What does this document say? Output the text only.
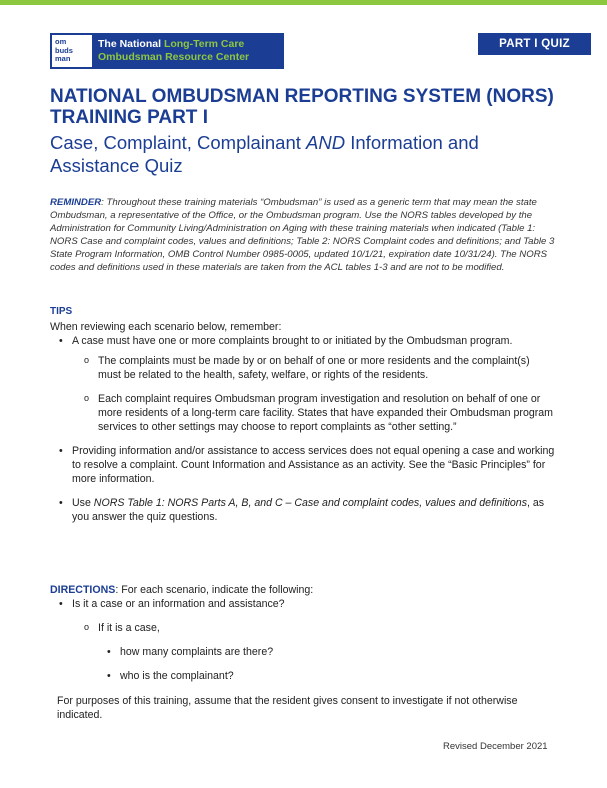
om
buds
man
The National Long-Term Care
Ombudsman Resource Center
PART I QUIZ
NATIONAL OMBUDSMAN REPORTING SYSTEM (NORS) TRAINING PART I
Case, Complaint, Complainant AND Information and Assistance Quiz

REMINDER: Throughout these training materials “Ombudsman” is used as a generic term that may mean the state Ombudsman, a representative of the Office, or the Ombudsman program. Use the NORS tables developed by the Administration for Community Living/Administration on Aging with these training materials when indicated (Table 1: NORS Case and complaint codes, values and definitions; Table 2: NORS Complaint codes and definitions; and Table 3 State Program Information, OMB Control Number 0985-0005, updated 10/1/21, expiration date 10/31/24). The NORS codes and definitions used in these materials are taken from the ACL tables 1-3 and are not to be modified.

TIPS

When reviewing each scenario below, remember:

• A case must have one or more complaints brought to or initiated by the Ombudsman program.
o The complaints must be made by or on behalf of one or more residents and the complaint(s) must be related to the health, safety, welfare, or rights of the residents.
o Each complaint requires Ombudsman program investigation and resolution on behalf of one or more residents of a long-term care facility. States that have expanded their Ombudsman program services to other settings may choose to report complaints as “other setting.”
• Providing information and/or assistance to access services does not equal opening a case and working to resolve a complaint. Count Information and Assistance as an activity. See the “Basic Principles” for more information.
• Use NORS Table 1: NORS Parts A, B, and C – Case and complaint codes, values and definitions, as you answer the quiz questions.

DIRECTIONS: For each scenario, indicate the following:

• Is it a case or an information and assistance?
o If it is a case,
• how many complaints are there?
• who is the complainant?

For purposes of this training, assume that the resident gives consent to investigate if not otherwise indicated.

Revised December 2021
